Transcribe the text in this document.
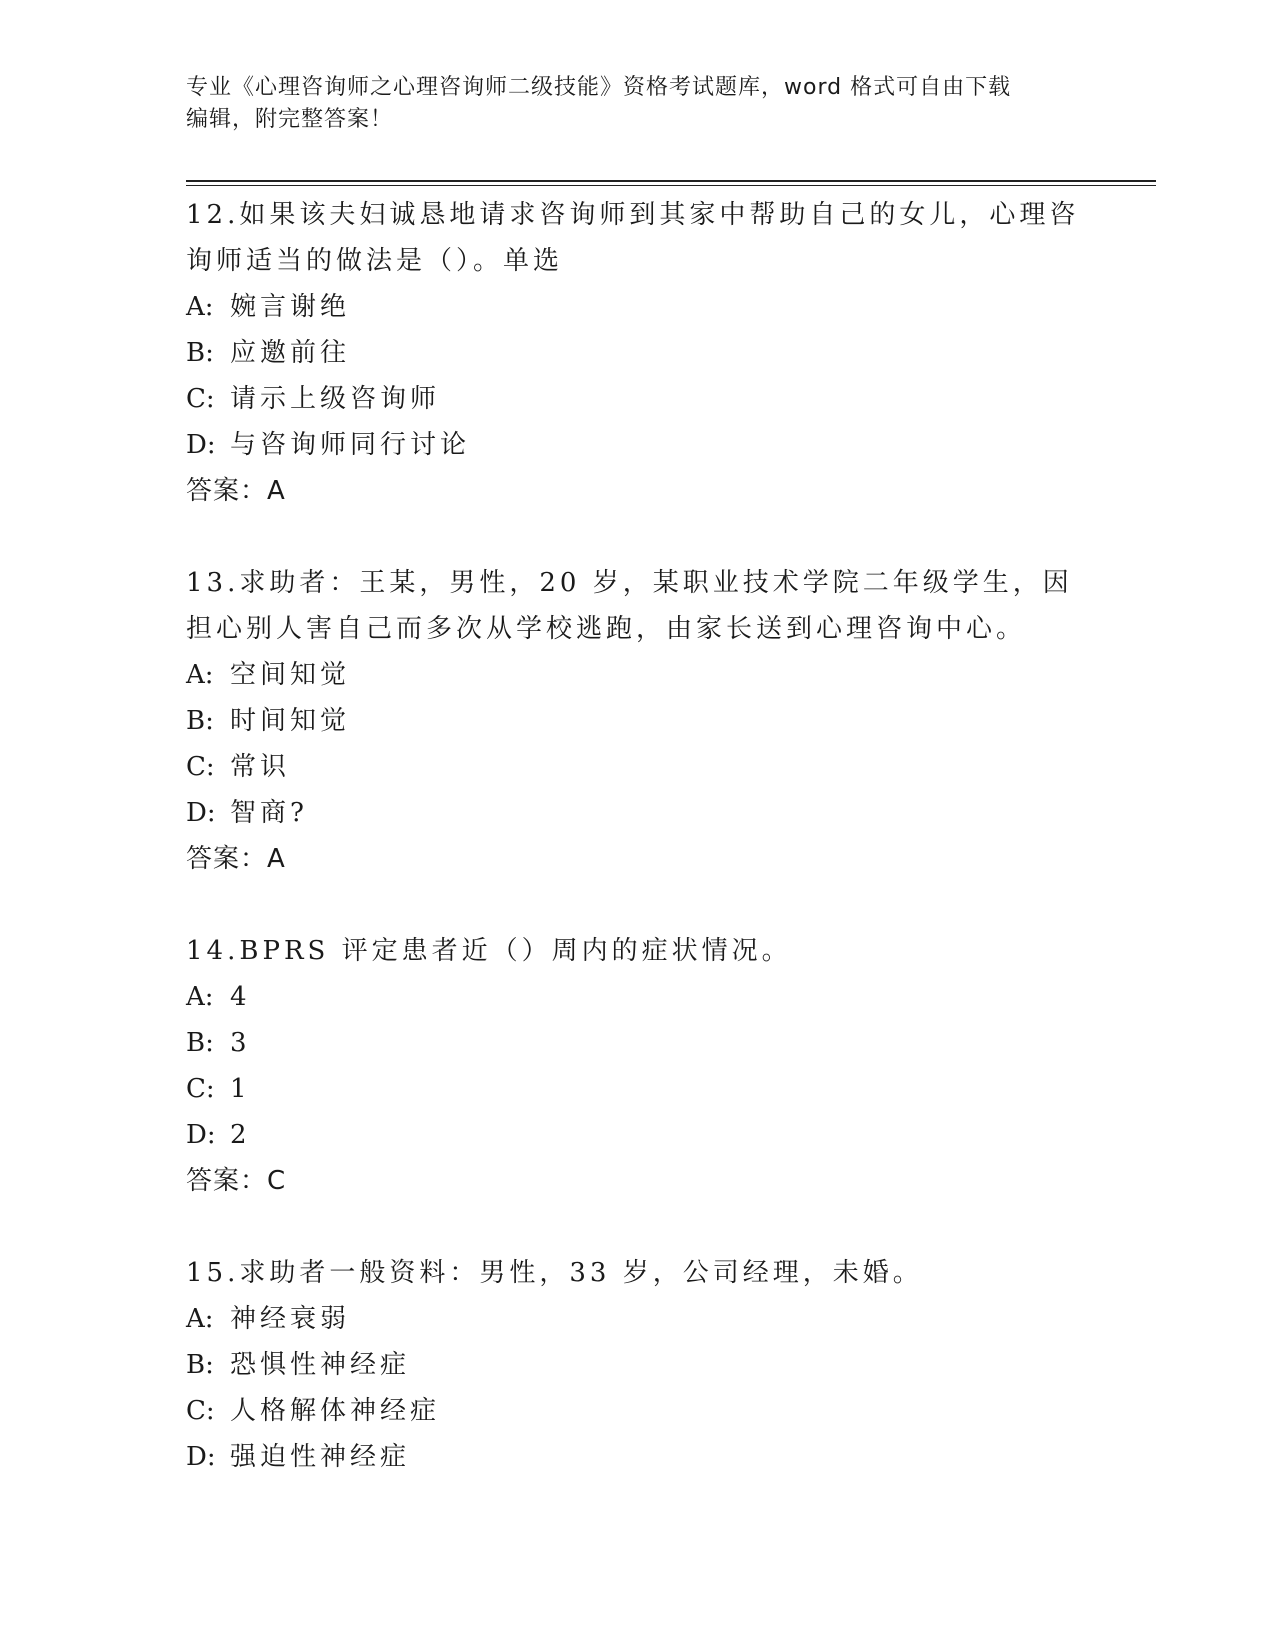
专业《心理咨询师之心理咨询师二级技能》资格考试题库，word 格式可自由下载
编辑，附完整答案！

12.如果该夫妇诚恳地请求咨询师到其家中帮助自己的女儿，心理咨询师适当的做法是（）。单选

A: 婉言谢绝

B: 应邀前往

C: 请示上级咨询师

D: 与咨询师同行讨论

答案：A

13.求助者：王某，男性，20 岁，某职业技术学院二年级学生，因担心别人害自己而多次从学校逃跑，由家长送到心理咨询中心。

A: 空间知觉

B: 时间知觉

C: 常识

D: 智商?

答案：A

14.BPRS 评定患者近（）周内的症状情况。

A: 4

B: 3

C: 1

D: 2

答案：C

15.求助者一般资料：男性，33 岁，公司经理，未婚。

A: 神经衰弱

B: 恐惧性神经症

C: 人格解体神经症

D: 强迫性神经症
